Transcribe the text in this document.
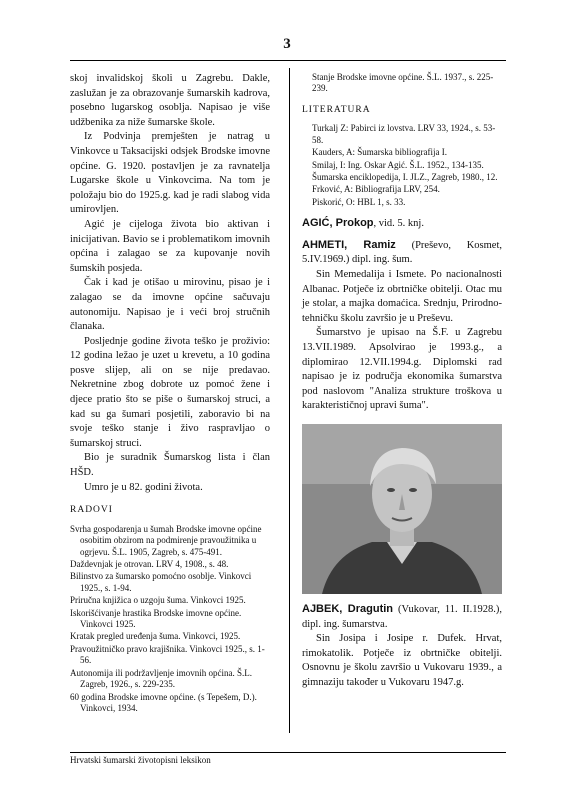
3

skoj invalidskoj školi u Zagrebu. Dakle, zaslužan je za obrazovanje šumarskih kadrova, posebno lugarskog osoblja. Napisao je više udžbenika za niže šumarske škole.

Iz Podvinja premješten je natrag u Vinkovce u Taksacijski odsjek Brodske imovne općine. G. 1920. postavljen je za ravnatelja Lugarske škole u Vinkovcima. Na tom je položaju bio do 1925.g. kad je radi slabog vida umirovljen.

Agić je cijeloga života bio aktivan i inicijativan. Bavio se i problematikom imovnih općina i zalagao se za kupovanje novih šumskih posjeda.

Čak i kad je otišao u mirovinu, pisao je i zalagao se da imovne općine sačuvaju autonomiju. Napisao je i veći broj stručnih članaka.

Posljednje godine života teško je proživio: 12 godina ležao je uzet u krevetu, a 10 godina posve slijep, ali on se nije predavao. Nekretnine zbog dobrote uz pomoć žene i djece pratio što se piše o šumarskoj struci, a kad su ga šumari posjetili, zaboravio bi na svoje teško stanje i živo raspravljao o šumarskoj struci.

Bio je suradnik Šumarskog lista i član HŠD.

Umro je u 82. godini života.

RADOVI
Svrha gospodarenja u šumah Brodske imovne općine osobitim obzirom na podmirenje pravoužitnika u ogrjevu. Š.L. 1905, Zagreb, s. 475-491.
Daždevnjak je otrovan. LRV 4, 1908., s. 48.
Bilinstvo za šumarsko pomoćno osoblje. Vinkovci 1925., s. 1-94.
Priručna knjižica o uzgoju šuma. Vinkovci 1925.
Iskorišćivanje hrastika Brodske imovne općine. Vinkovci 1925.
Kratak pregled uređenja šuma. Vinkovci, 1925.
Pravoužitničko pravo krajišnika. Vinkovci 1925., s. 1-56.
Autonomija ili podržavljenje imovnih općina. Š.L. Zagreb, 1926., s. 229-235.
60 godina Brodske imovne općine. (s Tepešem, D.). Vinkovci, 1934.
Stanje Brodske imovne općine. Š.L. 1937., s. 225-239.
LITERATURA
Turkalj Z: Pabirci iz lovstva. LRV 33, 1924., s. 53-58.
Kauders, A: Šumarska bibliografija I.
Smilaj, I: Ing. Oskar Agić. Š.L. 1952., 134-135.
Šumarska enciklopedija, I. JLZ., Zagreb, 1980., 12.
Frković, A: Bibliografija LRV, 254.
Piskorić, O: HBL 1, s. 33.

AGIĆ, Prokop, vid. 5. knj.

AHMETI, Ramiz (Preševo, Kosmet, 5.IV.1969.) dipl. ing. šum.

Sin Memedalija i Ismete. Po nacionalnosti Albanac. Potječe iz obrtničke obitelji. Otac mu je stolar, a majka domaćica. Srednju, Prirodno-tehničku školu završio je u Preševu.

Šumarstvo je upisao na Š.F. u Zagrebu 13.VII.1989. Apsolvirao je 1993.g., a diplomirao 12.VII.1994.g. Diplomski rad napisao je iz područja ekonomika šumarstva pod naslovom "Analiza strukture troškova u karakterističnoj upravi šuma".

AJBEK, Dragutin (Vukovar, 11. II.1928.), dipl. ing. šumarstva.

Sin Josipa i Josipe r. Dufek. Hrvat, rimokatolik. Potječe iz obrtničke obitelji. Osnovnu je školu završio u Vukovaru 1939., a gimnaziju također u Vukovaru 1947.g.

Hrvatski šumarski životopisni leksikon
